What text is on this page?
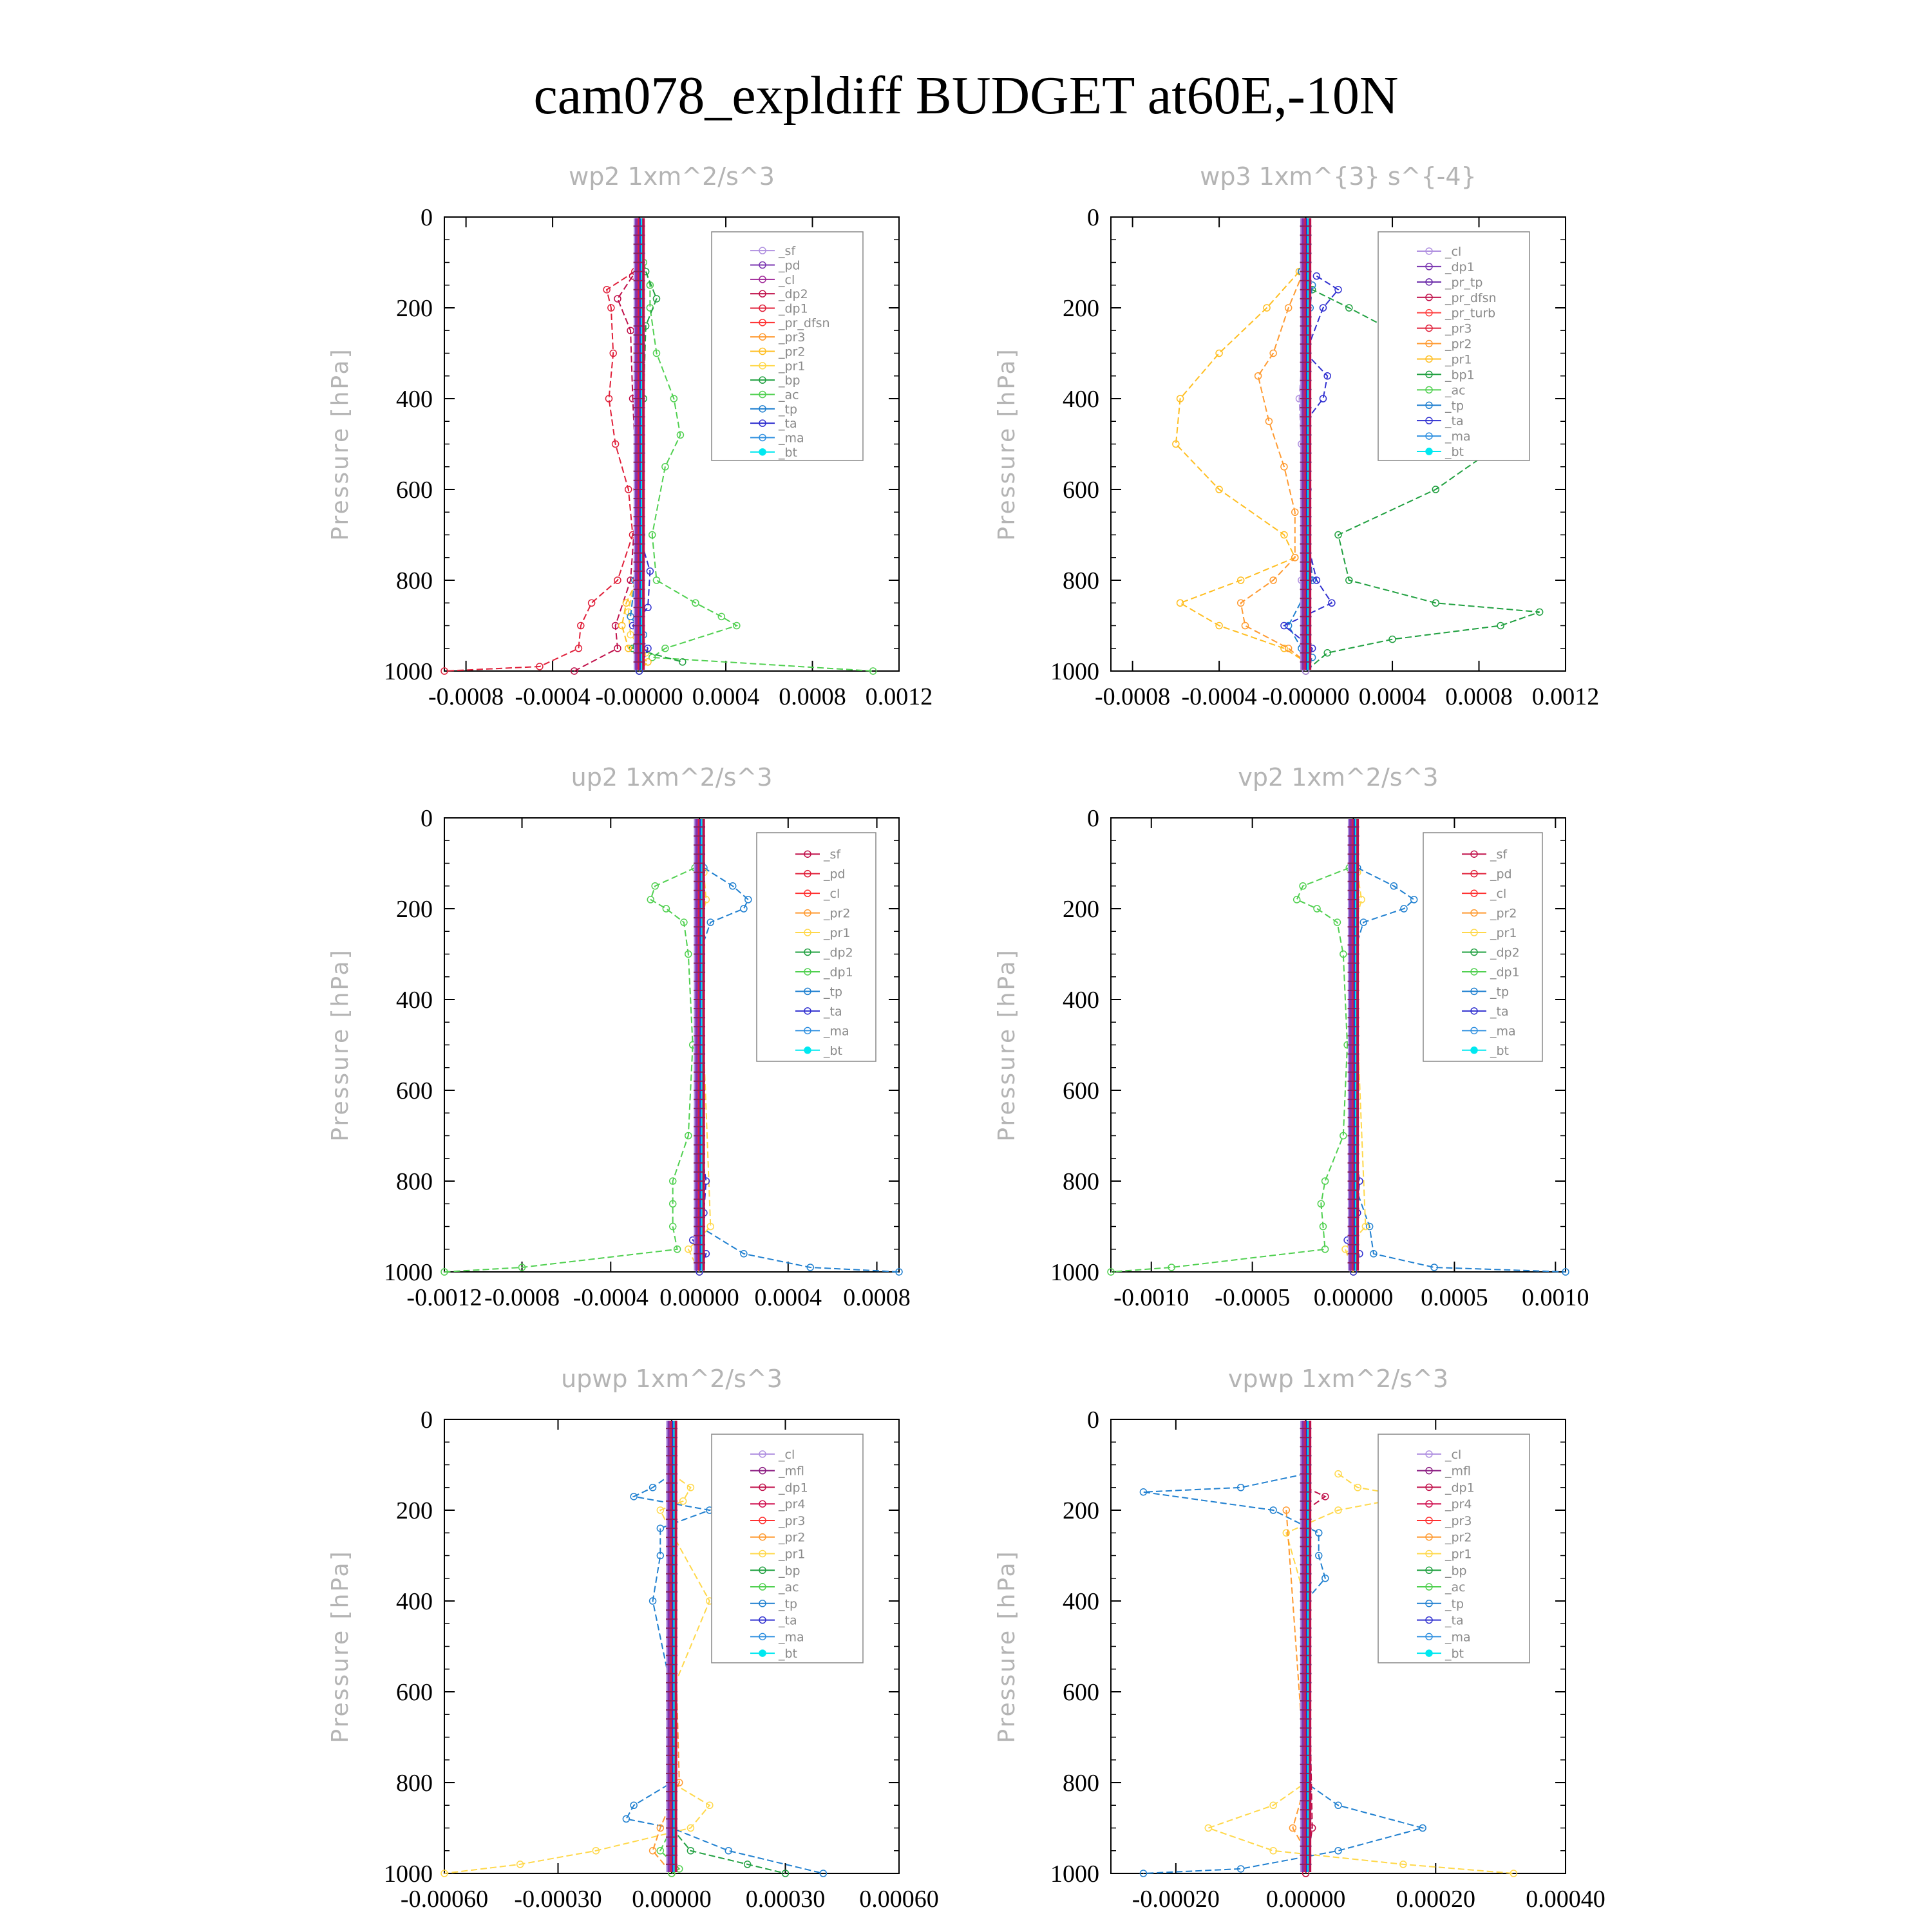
cam078_expldiff BUDGET at60E,-10N
wp2 1xm^2/s^3
Pressure [hPa]
0
200
400
600
800
1000
-0.0008 -0.0004 -0.00000 0.0004 0.0008 0.0012
_sf
_pd
_cl
_dp2
_dp1
_pr_dfsn
_pr3
_pr2
_pr1
_bp
_ac
_tp
_ta
_ma
_bt
wp3 1xm^{3} s^{-4}
Pressure [hPa]
0
200
400
600
800
1000
-0.0008 -0.0004 -0.00000 0.0004 0.0008 0.0012
_cl
_dp1
_pr_tp
_pr_dfsn
_pr_turb
_pr3
_pr2
_pr1
_bp1
_ac
_tp
_ta
_ma
_bt
up2 1xm^2/s^3
Pressure [hPa]
0
200
400
600
800
1000
-0.0012 -0.0008 -0.0004 0.00000 0.0004 0.0008
_sf
_pd
_cl
_pr2
_pr1
_dp2
_dp1
_tp
_ta
_ma
_bt
vp2 1xm^2/s^3
Pressure [hPa]
0
200
400
600
800
1000
-0.0010 -0.0005 0.00000 0.0005 0.0010
_sf
_pd
_cl
_pr2
_pr1
_dp2
_dp1
_tp
_ta
_ma
_bt
upwp 1xm^2/s^3
Pressure [hPa]
0
200
400
600
800
1000
-0.00060 -0.00030 0.00000 0.00030 0.00060
_cl
_mfl
_dp1
_pr4
_pr3
_pr2
_pr1
_bp
_ac
_tp
_ta
_ma
_bt
vpwp 1xm^2/s^3
Pressure [hPa]
0
200
400
600
800
1000
-0.00020 0.00000 0.00020 0.00040
_cl
_mfl
_dp1
_pr4
_pr3
_pr2
_pr1
_bp
_ac
_tp
_ta
_ma
_bt
